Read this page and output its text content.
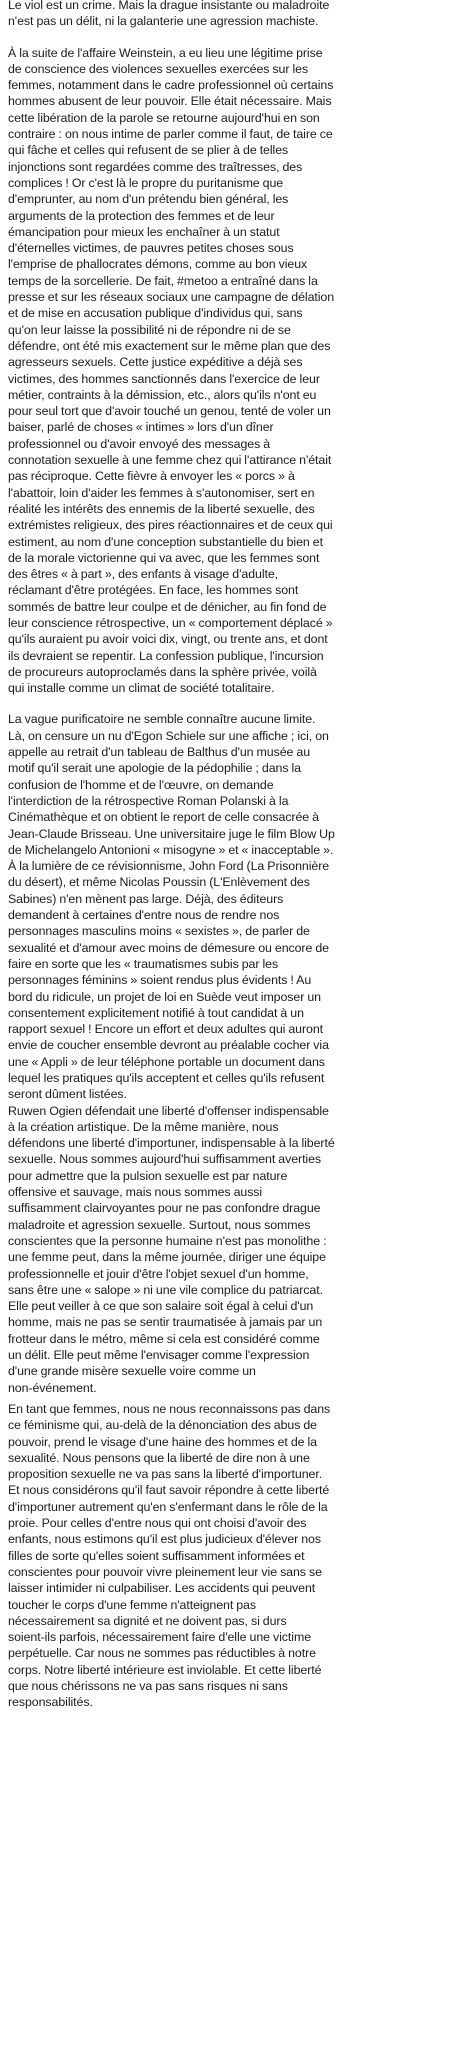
Le viol est un crime. Mais la drague insistante ou maladroite
n'est pas un délit, ni la galanterie une agression machiste.
À la suite de l'affaire Weinstein, a eu lieu une légitime prise
de conscience des violences sexuelles exercées sur les
femmes, notamment dans le cadre professionnel où certains
hommes abusent de leur pouvoir. Elle était nécessaire. Mais
cette libération de la parole se retourne aujourd'hui en son
contraire : on nous intime de parler comme il faut, de taire ce
qui fâche et celles qui refusent de se plier à de telles
injonctions sont regardées comme des traîtresses, des
complices ! Or c'est là le propre du puritanisme que
d'emprunter, au nom d'un prétendu bien général, les
arguments de la protection des femmes et de leur
émancipation pour mieux les enchaîner à un statut
d'éternelles victimes, de pauvres petites choses sous
l'emprise de phallocrates démons, comme au bon vieux
temps de la sorcellerie. De fait, #metoo a entraîné dans la
presse et sur les réseaux sociaux une campagne de délation
et de mise en accusation publique d'individus qui, sans
qu'on leur laisse la possibilité ni de répondre ni de se
défendre, ont été mis exactement sur le même plan que des
agresseurs sexuels. Cette justice expéditive a déjà ses
victimes, des hommes sanctionnés dans l'exercice de leur
métier, contraints à la démission, etc., alors qu'ils n'ont eu
pour seul tort que d'avoir touché un genou, tenté de voler un
baiser, parlé de choses « intimes » lors d'un dîner
professionnel ou d'avoir envoyé des messages à
connotation sexuelle à une femme chez qui l'attirance n'était
pas réciproque. Cette fièvre à envoyer les « porcs » à
l'abattoir, loin d'aider les femmes à s'autonomiser, sert en
réalité les intérêts des ennemis de la liberté sexuelle, des
extrémistes religieux, des pires réactionnaires et de ceux qui
estiment, au nom d'une conception substantielle du bien et
de la morale victorienne qui va avec, que les femmes sont
des êtres « à part », des enfants à visage d'adulte,
réclamant d'être protégées. En face, les hommes sont
sommés de battre leur coulpe et de dénicher, au fin fond de
leur conscience rétrospective, un « comportement déplacé »
qu'ils auraient pu avoir voici dix, vingt, ou trente ans, et dont
ils devraient se repentir. La confession publique, l'incursion
de procureurs autoproclamés dans la sphère privée, voilà
qui installe comme un climat de société totalitaire.
La vague purificatoire ne semble connaître aucune limite.
Là, on censure un nu d'Egon Schiele sur une affiche ; ici, on
appelle au retrait d'un tableau de Balthus d'un musée au
motif qu'il serait une apologie de la pédophilie ; dans la
confusion de l'homme et de l'œuvre, on demande
l'interdiction de la rétrospective Roman Polanski à la
Cinémathèque et on obtient le report de celle consacrée à
Jean-Claude Brisseau. Une universitaire juge le film Blow Up
de Michelangelo Antonioni « misogyne » et « inacceptable ».
À la lumière de ce révisionnisme, John Ford (La Prisonnière
du désert), et même Nicolas Poussin (L'Enlèvement des
Sabines) n'en mènent pas large. Déjà, des éditeurs
demandent à certaines d'entre nous de rendre nos
personnages masculins moins « sexistes », de parler de
sexualité et d'amour avec moins de démesure ou encore de
faire en sorte que les « traumatismes subis par les
personnages féminins » soient rendus plus évidents ! Au
bord du ridicule, un projet de loi en Suède veut imposer un
consentement explicitement notifié à tout candidat à un
rapport sexuel ! Encore un effort et deux adultes qui auront
envie de coucher ensemble devront au préalable cocher via
une « Appli » de leur téléphone portable un document dans
lequel les pratiques qu'ils acceptent et celles qu'ils refusent
seront dûment listées.
Ruwen Ogien défendait une liberté d'offenser indispensable
à la création artistique. De la même manière, nous
défendons une liberté d'importuner, indispensable à la liberté
sexuelle. Nous sommes aujourd'hui suffisamment averties
pour admettre que la pulsion sexuelle est par nature
offensive et sauvage, mais nous sommes aussi
suffisamment clairvoyantes pour ne pas confondre drague
maladroite et agression sexuelle. Surtout, nous sommes
conscientes que la personne humaine n'est pas monolithe :
une femme peut, dans la même journée, diriger une équipe
professionnelle et jouir d'être l'objet sexuel d'un homme,
sans être une « salope » ni une vile complice du patriarcat.
Elle peut veiller à ce que son salaire soit égal à celui d'un
homme, mais ne pas se sentir traumatisée à jamais par un
frotteur dans le métro, même si cela est considéré comme
un délit. Elle peut même l'envisager comme l'expression
d'une grande misère sexuelle voire comme un
non-événement.
En tant que femmes, nous ne nous reconnaissons pas dans
ce féminisme qui, au-delà de la dénonciation des abus de
pouvoir, prend le visage d'une haine des hommes et de la
sexualité. Nous pensons que la liberté de dire non à une
proposition sexuelle ne va pas sans la liberté d'importuner.
Et nous considérons qu'il faut savoir répondre à cette liberté
d'importuner autrement qu'en s'enfermant dans le rôle de la
proie. Pour celles d'entre nous qui ont choisi d'avoir des
enfants, nous estimons qu'il est plus judicieux d'élever nos
filles de sorte qu'elles soient suffisamment informées et
conscientes pour pouvoir vivre pleinement leur vie sans se
laisser intimider ni culpabiliser. Les accidents qui peuvent
toucher le corps d'une femme n'atteignent pas
nécessairement sa dignité et ne doivent pas, si durs
soient-ils parfois, nécessairement faire d'elle une victime
perpétuelle. Car nous ne sommes pas réductibles à notre
corps. Notre liberté intérieure est inviolable. Et cette liberté
que nous chérissons ne va pas sans risques ni sans
responsabilités.
